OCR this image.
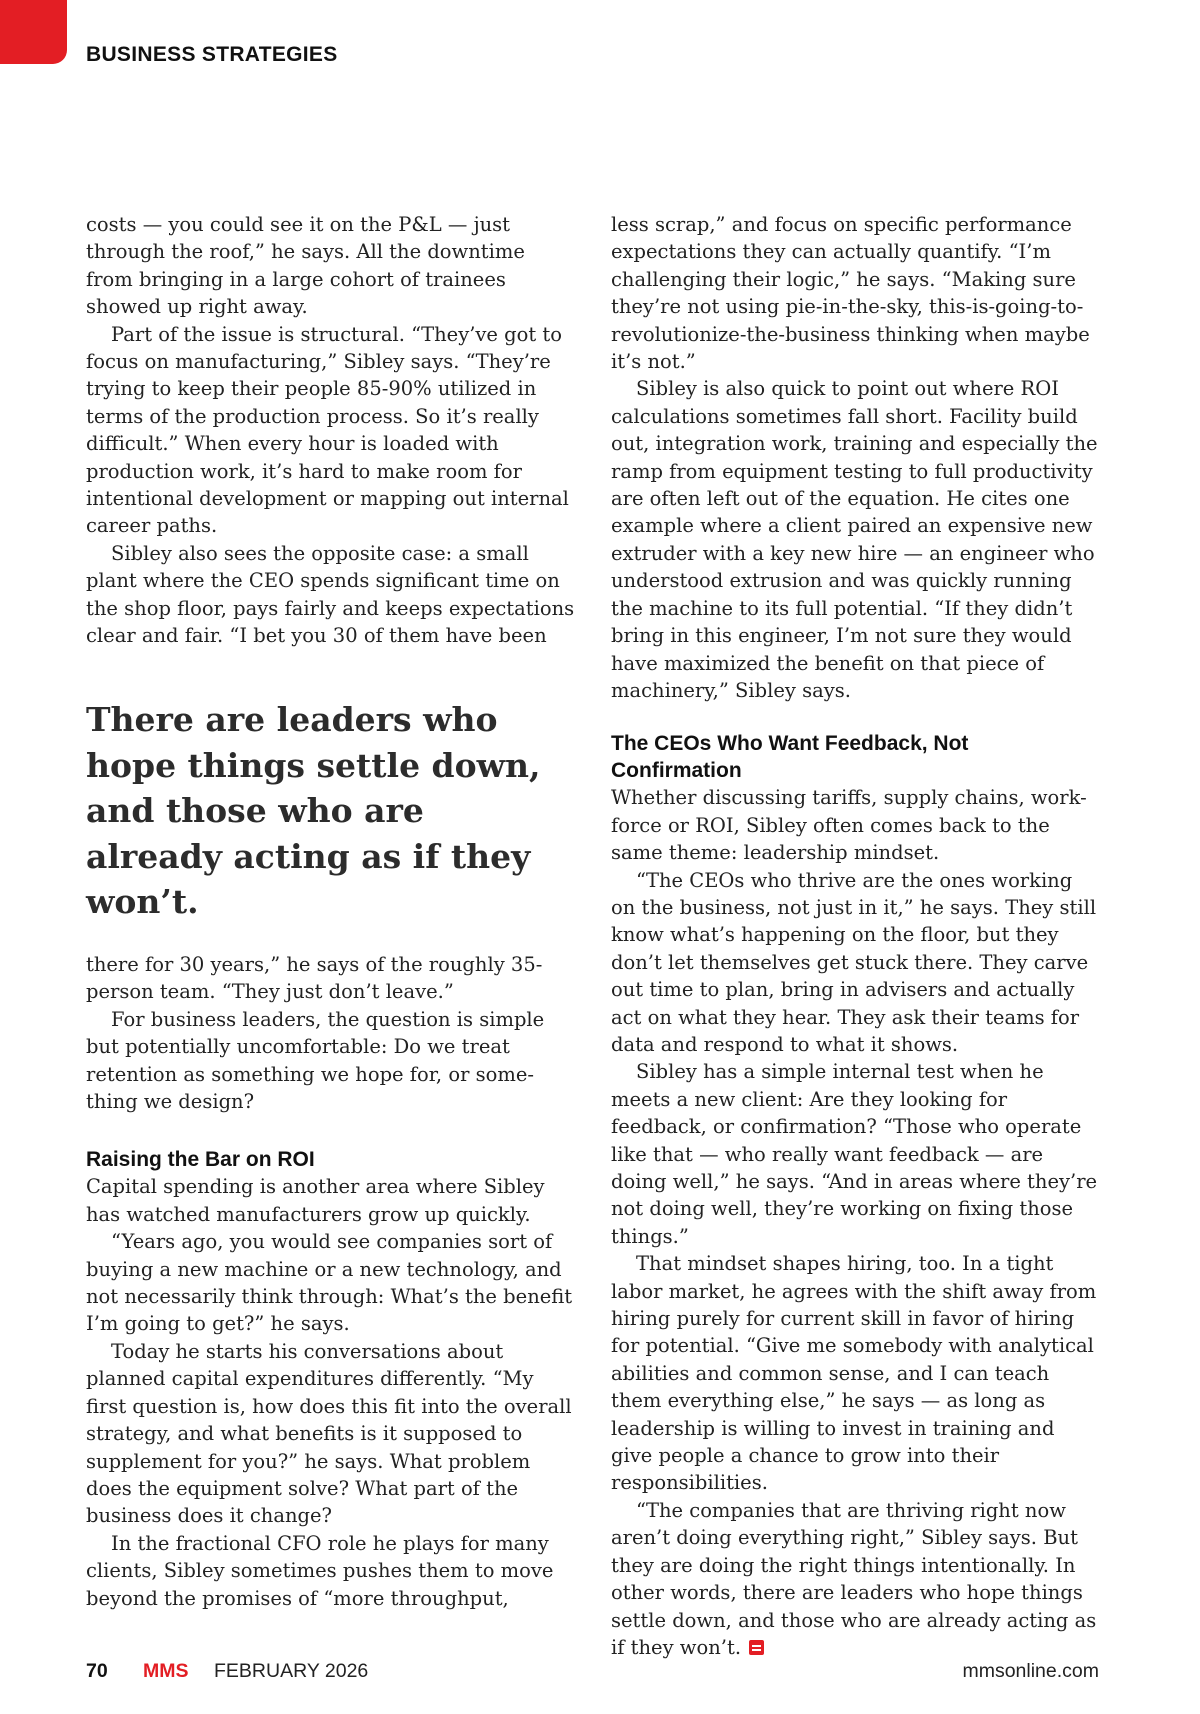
BUSINESS STRATEGIES

costs — you could see it on the P&L — just through the roof,” he says. All the downtime from bringing in a large cohort of trainees showed up right away.

Part of the issue is structural. “They’ve got to focus on manufacturing,” Sibley says. “They’re trying to keep their people 85-90% utilized in terms of the production process. So it’s really difficult.” When every hour is loaded with production work, it’s hard to make room for intentional development or mapping out internal career paths.

Sibley also sees the opposite case: a small plant where the CEO spends significant time on the shop floor, pays fairly and keeps expectations clear and fair. “I bet you 30 of them have been

There are leaders who hope things settle down, and those who are already acting as if they won’t.

there for 30 years,” he says of the roughly 35-person team. “They just don’t leave.”

For business leaders, the question is simple but potentially uncomfortable: Do we treat retention as something we hope for, or some-thing we design?

Raising the Bar on ROI

Capital spending is another area where Sibley has watched manufacturers grow up quickly.

“Years ago, you would see companies sort of buying a new machine or a new technology, and not necessarily think through: What’s the benefit I’m going to get?” he says.

Today he starts his conversations about planned capital expenditures differently. “My first question is, how does this fit into the overall strategy, and what benefits is it supposed to supplement for you?” he says. What problem does the equipment solve? What part of the business does it change?

In the fractional CFO role he plays for many clients, Sibley sometimes pushes them to move beyond the promises of “more throughput,

less scrap,” and focus on specific performance expectations they can actually quantify. “I’m challenging their logic,” he says. “Making sure they’re not using pie-in-the-sky, this-is-going-to-revolutionize-the-business thinking when maybe it’s not.”

Sibley is also quick to point out where ROI calculations sometimes fall short. Facility build out, integration work, training and especially the ramp from equipment testing to full productivity are often left out of the equation. He cites one example where a client paired an expensive new extruder with a key new hire — an engineer who understood extrusion and was quickly running the machine to its full potential. “If they didn’t bring in this engineer, I’m not sure they would have maximized the benefit on that piece of machinery,” Sibley says.

The CEOs Who Want Feedback, Not Confirmation

Whether discussing tariffs, supply chains, work-force or ROI, Sibley often comes back to the same theme: leadership mindset.

“The CEOs who thrive are the ones working on the business, not just in it,” he says. They still know what’s happening on the floor, but they don’t let themselves get stuck there. They carve out time to plan, bring in advisers and actually act on what they hear. They ask their teams for data and respond to what it shows.

Sibley has a simple internal test when he meets a new client: Are they looking for feedback, or confirmation? “Those who operate like that — who really want feedback — are doing well,” he says. “And in areas where they’re not doing well, they’re working on fixing those things.”

That mindset shapes hiring, too. In a tight labor market, he agrees with the shift away from hiring purely for current skill in favor of hiring for potential. “Give me somebody with analytical abilities and common sense, and I can teach them everything else,” he says — as long as leadership is willing to invest in training and give people a chance to grow into their responsibilities.

“The companies that are thriving right now aren’t doing everything right,” Sibley says. But they are doing the right things intentionally. In other words, there are leaders who hope things settle down, and those who are already acting as if they won’t.

70 MMS FEBRUARY 2026	mmsonline.com
